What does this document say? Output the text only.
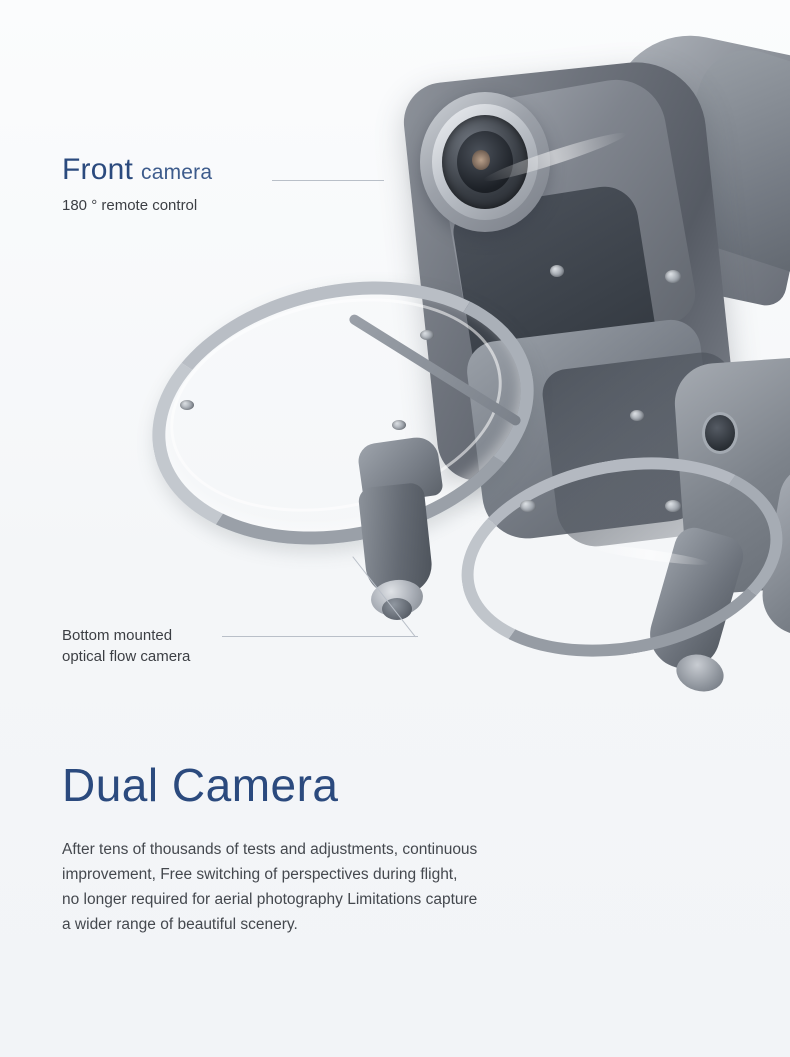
Front camera
180 ° remote control
Bottom mounted
optical flow camera
Dual Camera

After tens of thousands of tests and adjustments, continuous

improvement, Free switching of perspectives during flight,

no longer required for aerial photography Limitations capture

a wider range of beautiful scenery.
